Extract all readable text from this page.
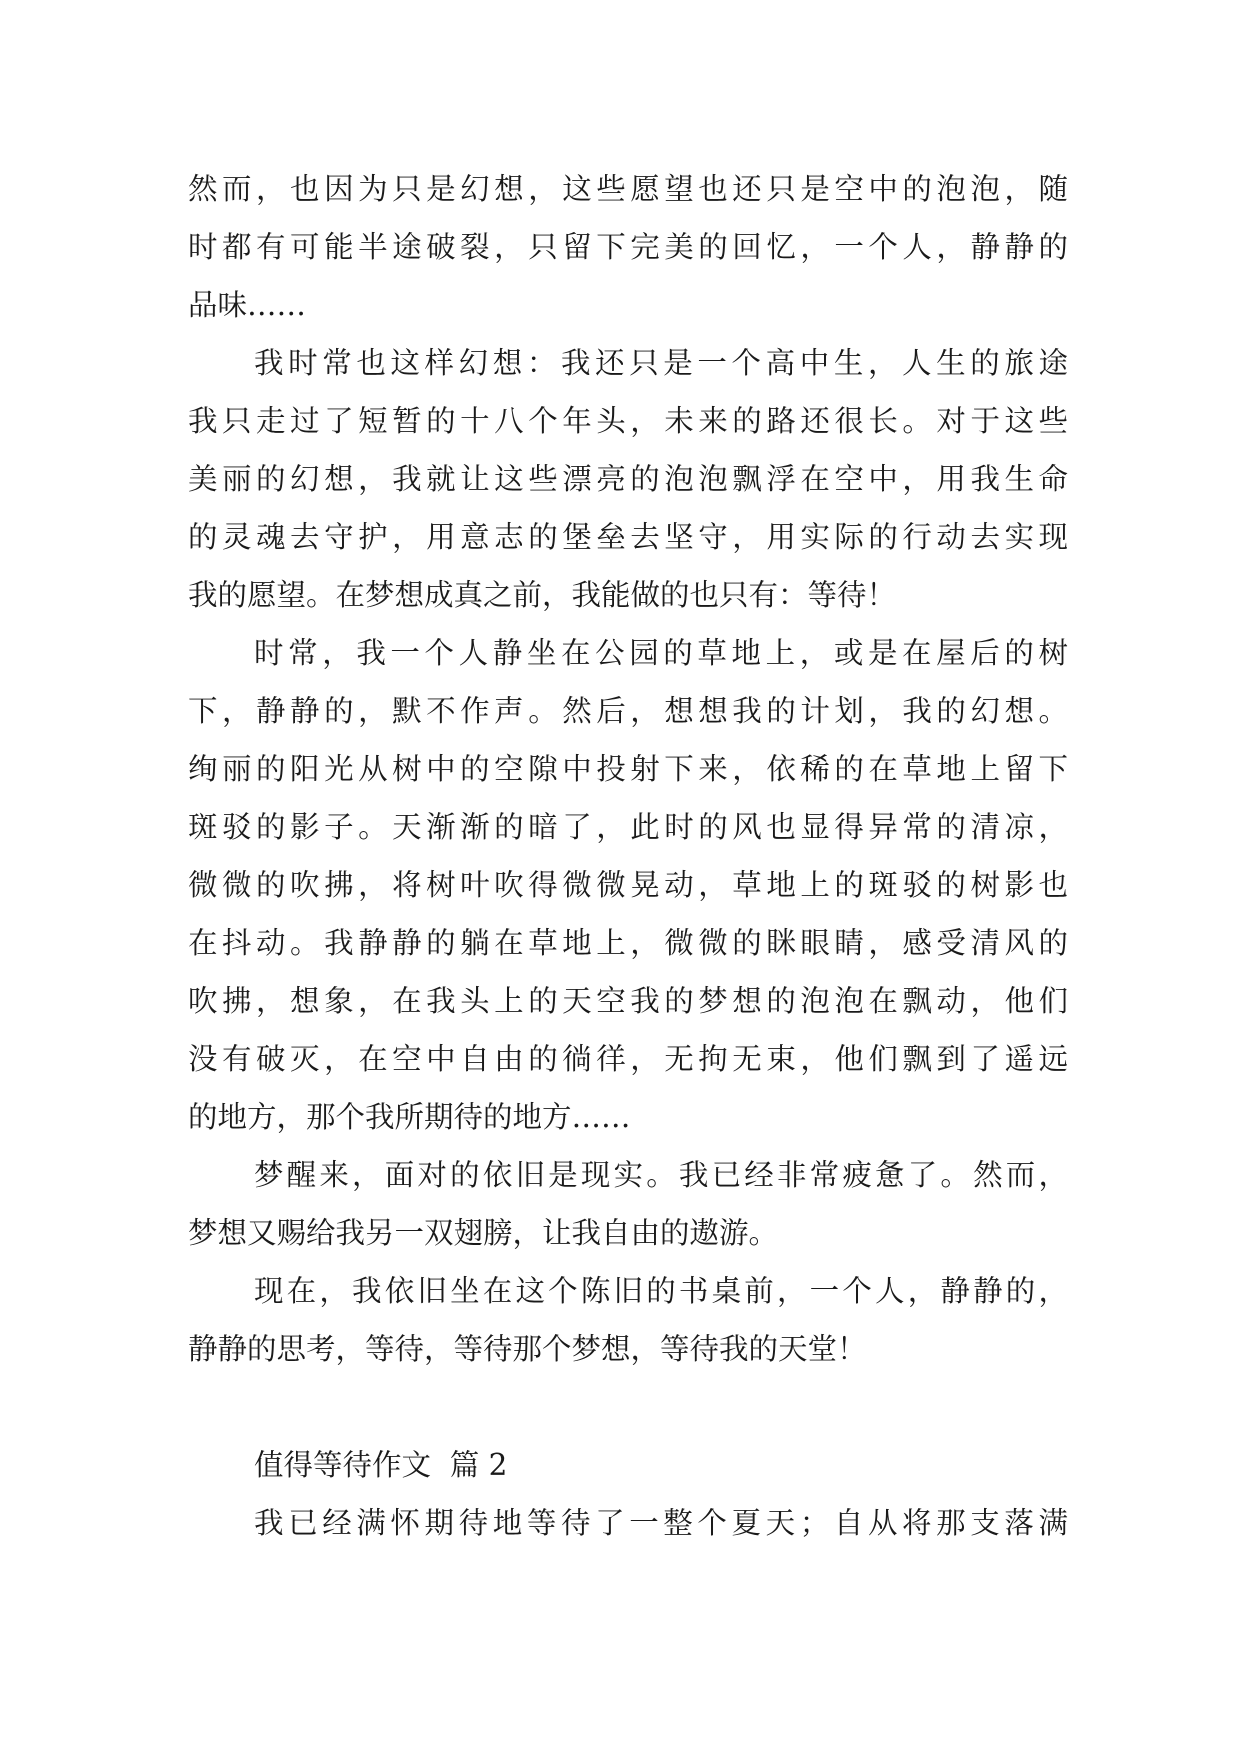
然而，也因为只是幻想，这些愿望也还只是空中的泡泡，随
时都有可能半途破裂，只留下完美的回忆，一个人，静静的
品味……
我时常也这样幻想：我还只是一个高中生，人生的旅途
我只走过了短暂的十八个年头，未来的路还很长。对于这些
美丽的幻想，我就让这些漂亮的泡泡飘浮在空中，用我生命
的灵魂去守护，用意志的堡垒去坚守，用实际的行动去实现
我的愿望。在梦想成真之前，我能做的也只有：等待！
时常，我一个人静坐在公园的草地上，或是在屋后的树
下，静静的，默不作声。然后，想想我的计划，我的幻想。
绚丽的阳光从树中的空隙中投射下来，依稀的在草地上留下
斑驳的影子。天渐渐的暗了，此时的风也显得异常的清凉，
微微的吹拂，将树叶吹得微微晃动，草地上的斑驳的树影也
在抖动。我静静的躺在草地上，微微的眯眼睛，感受清风的
吹拂，想象，在我头上的天空我的梦想的泡泡在飘动，他们
没有破灭，在空中自由的徜徉，无拘无束，他们飘到了遥远
的地方，那个我所期待的地方……
梦醒来，面对的依旧是现实。我已经非常疲惫了。然而，
梦想又赐给我另一双翅膀，让我自由的遨游。
现在，我依旧坐在这个陈旧的书桌前，一个人，静静的，
静静的思考，等待，等待那个梦想，等待我的天堂！
值得等待作文  篇 2
我已经满怀期待地等待了一整个夏天；自从将那支落满
